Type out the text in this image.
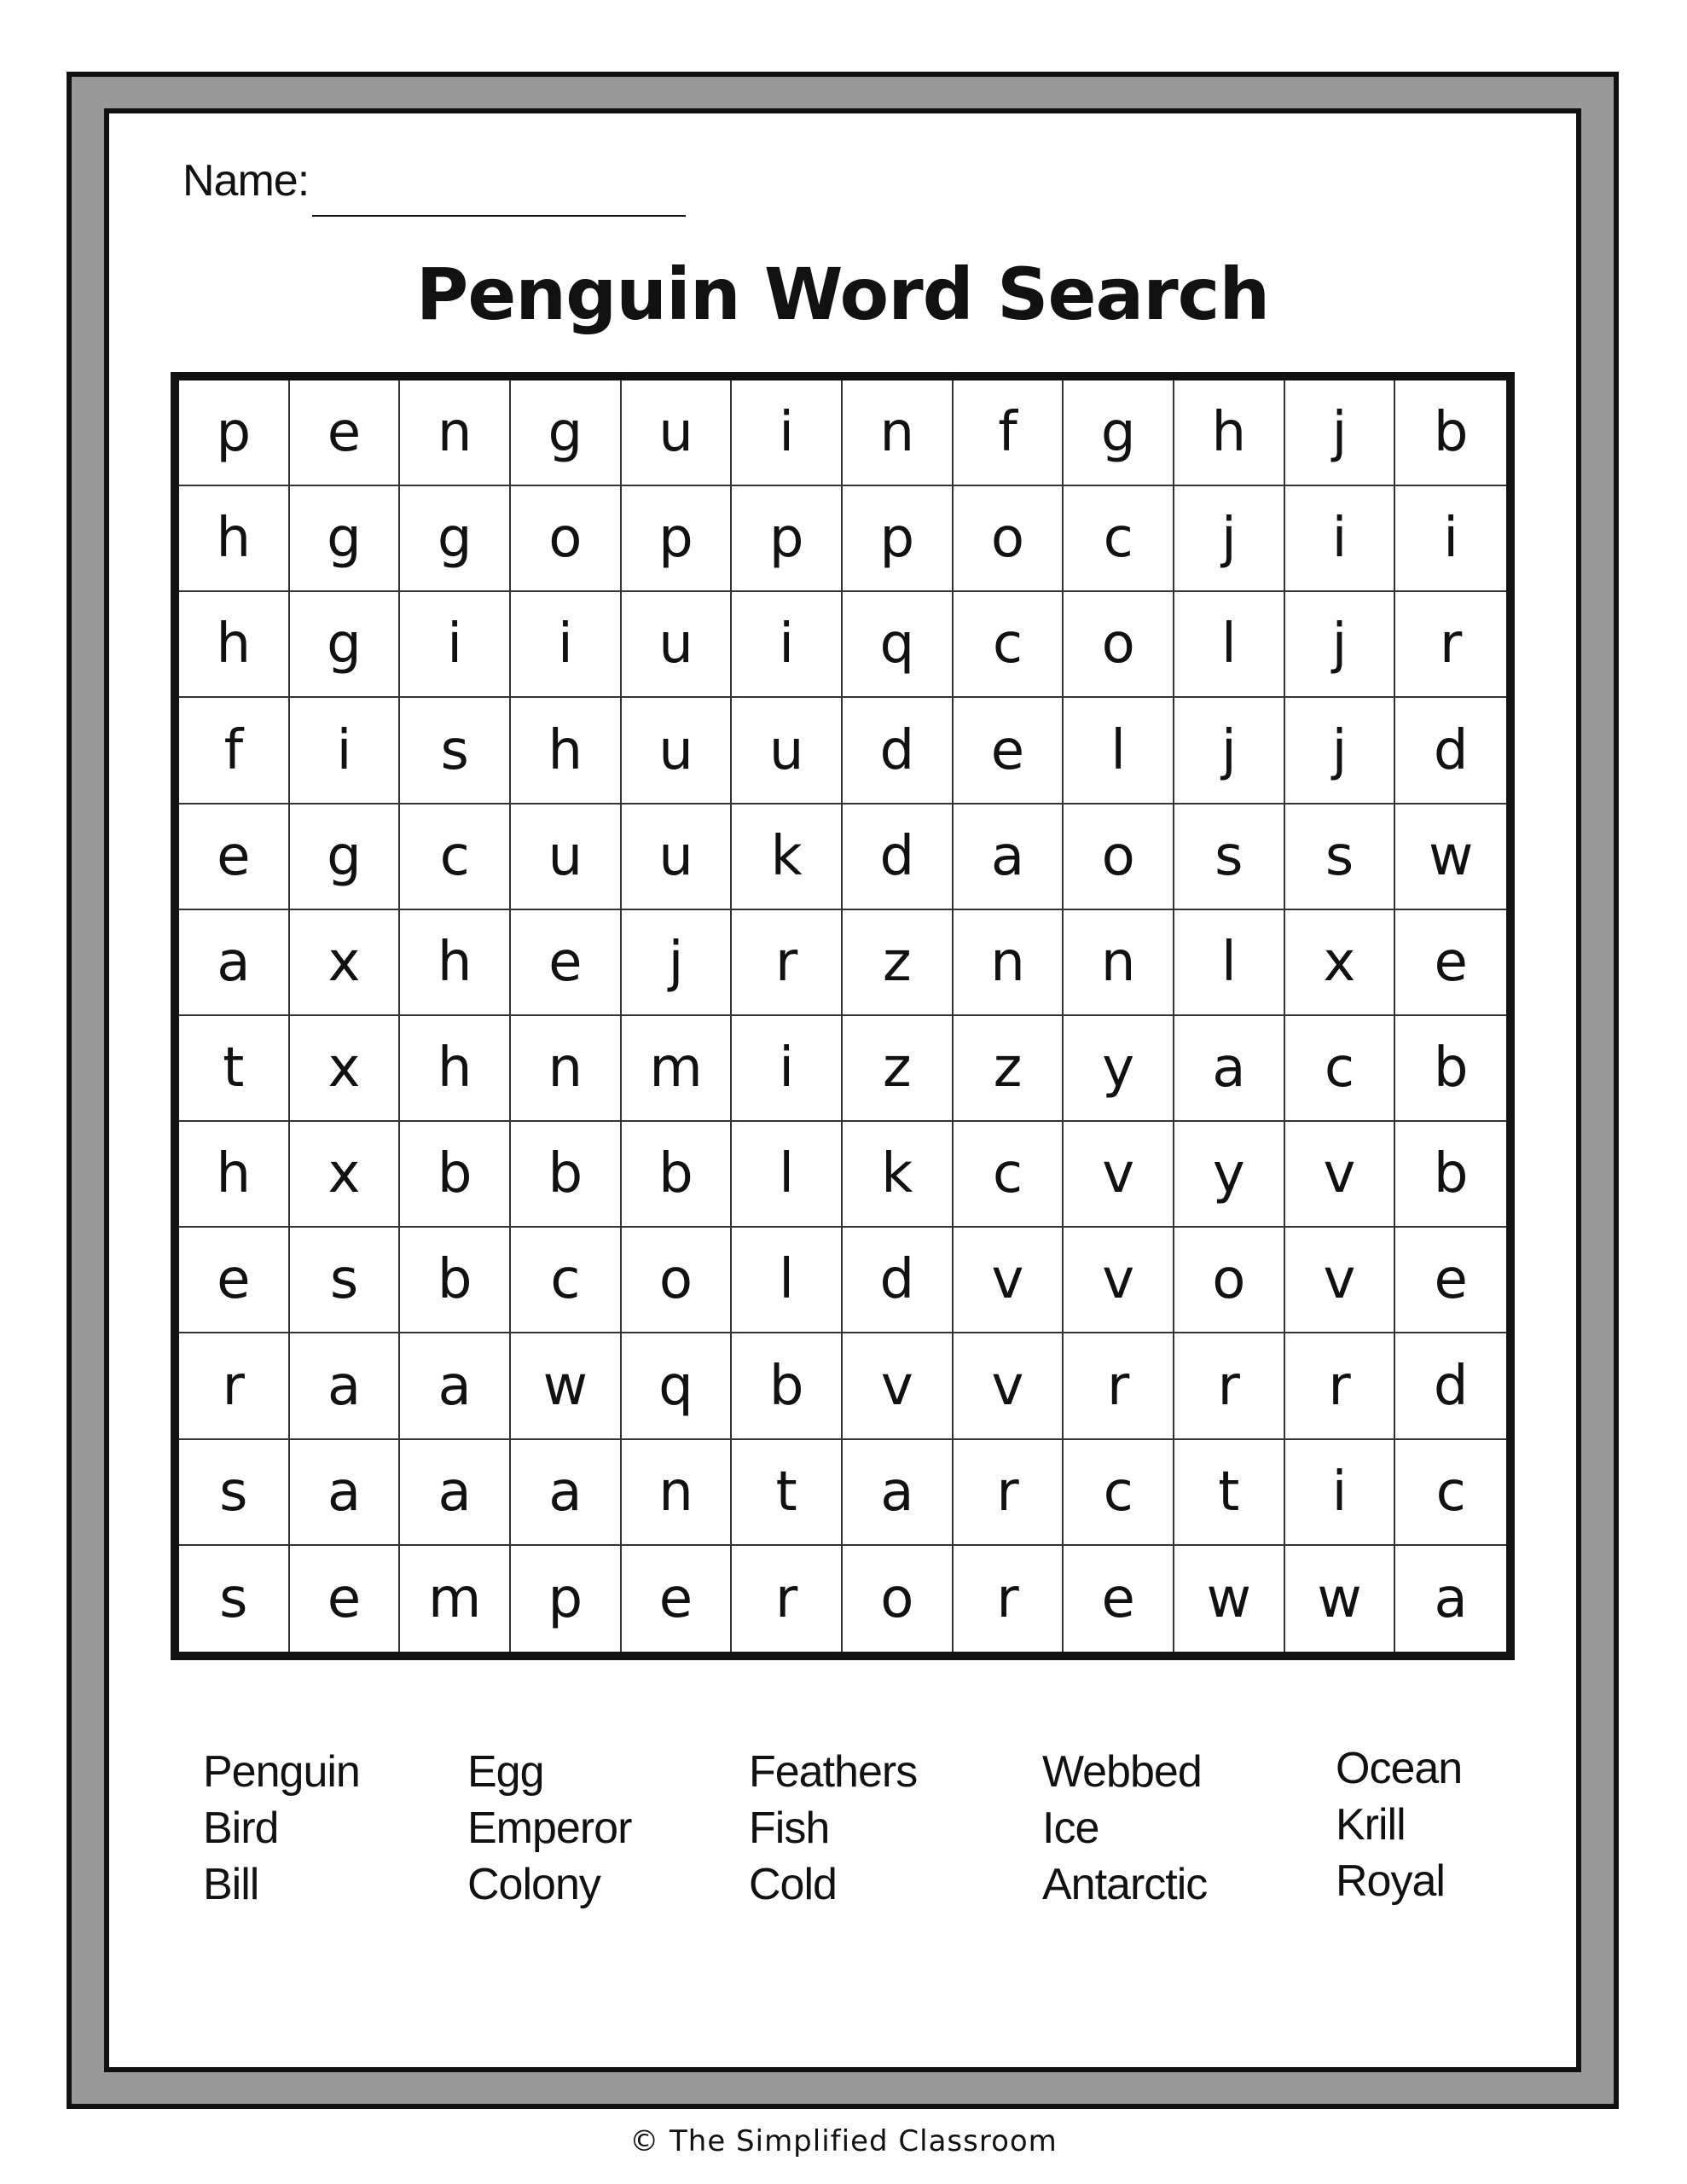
Name:
Penguin Word Search
p	e	n	g	u	i	n	f	g	h	j	b
h	g	g	o	p	p	p	o	c	j	i	i
h	g	i	i	u	i	q	c	o	l	j	r
f	i	s	h	u	u	d	e	l	j	j	d
e	g	c	u	u	k	d	a	o	s	s	w
a	x	h	e	j	r	z	n	n	l	x	e
t	x	h	n	m	i	z	z	y	a	c	b
h	x	b	b	b	l	k	c	v	y	v	b
e	s	b	c	o	l	d	v	v	o	v	e
r	a	a	w	q	b	v	v	r	r	r	d
s	a	a	a	n	t	a	r	c	t	i	c
s	e	m	p	e	r	o	r	e	w	w	a
Penguin
Bird
Bill
Egg
Emperor
Colony
Feathers
Fish
Cold
Webbed
Ice
Antarctic
Ocean
Krill
Royal
© The Simplified Classroom
